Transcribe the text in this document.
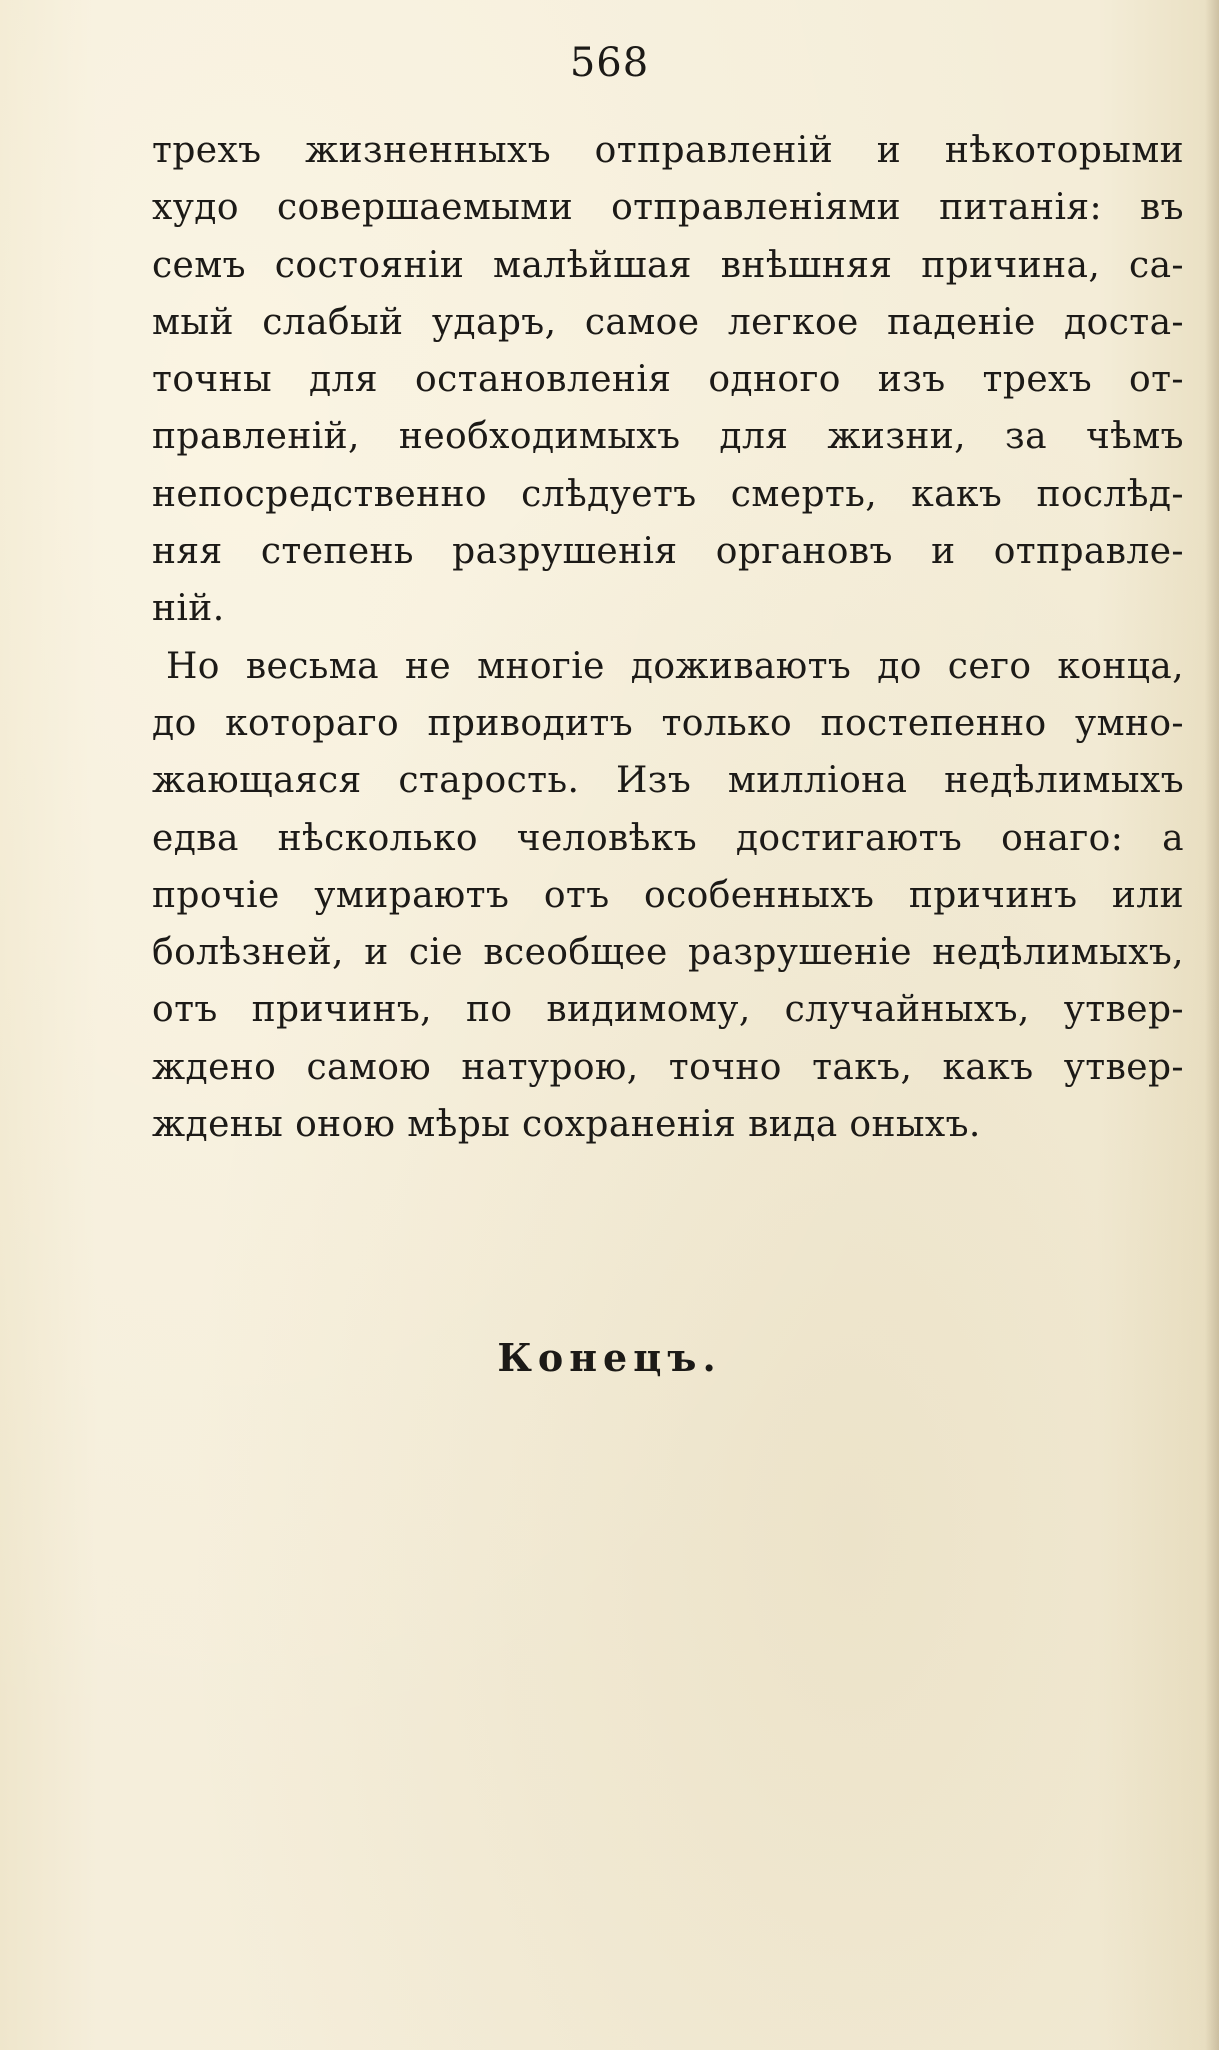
568
трехъ жизненныхъ отправленій и нѣкоторыми
худо совершаемыми отправленіями питанія: въ
семъ состояніи малѣйшая внѣшняя причина, са-
мый слабый ударъ, самое легкое паденіе доста-
точны для остановленія одного изъ трехъ от-
правленій, необходимыхъ для жизни, за чѣмъ
непосредственно слѣдуетъ смерть, какъ послѣд-
няя степень разрушенія органовъ и отправле-
ній.
Но весьма не многіе доживаютъ до сего конца,
до котораго приводитъ только постепенно умно-
жающаяся старость. Изъ милліона недѣлимыхъ
едва нѣсколько человѣкъ достигаютъ онаго: а
прочіе умираютъ отъ особенныхъ причинъ или
болѣзней, и сіе всеобщее разрушеніе недѣлимыхъ,
отъ причинъ, по видимому, случайныхъ, утвер-
ждено самою натурою, точно такъ, какъ утвер-
ждены оною мѣры сохраненія вида оныхъ.
Конецъ.
